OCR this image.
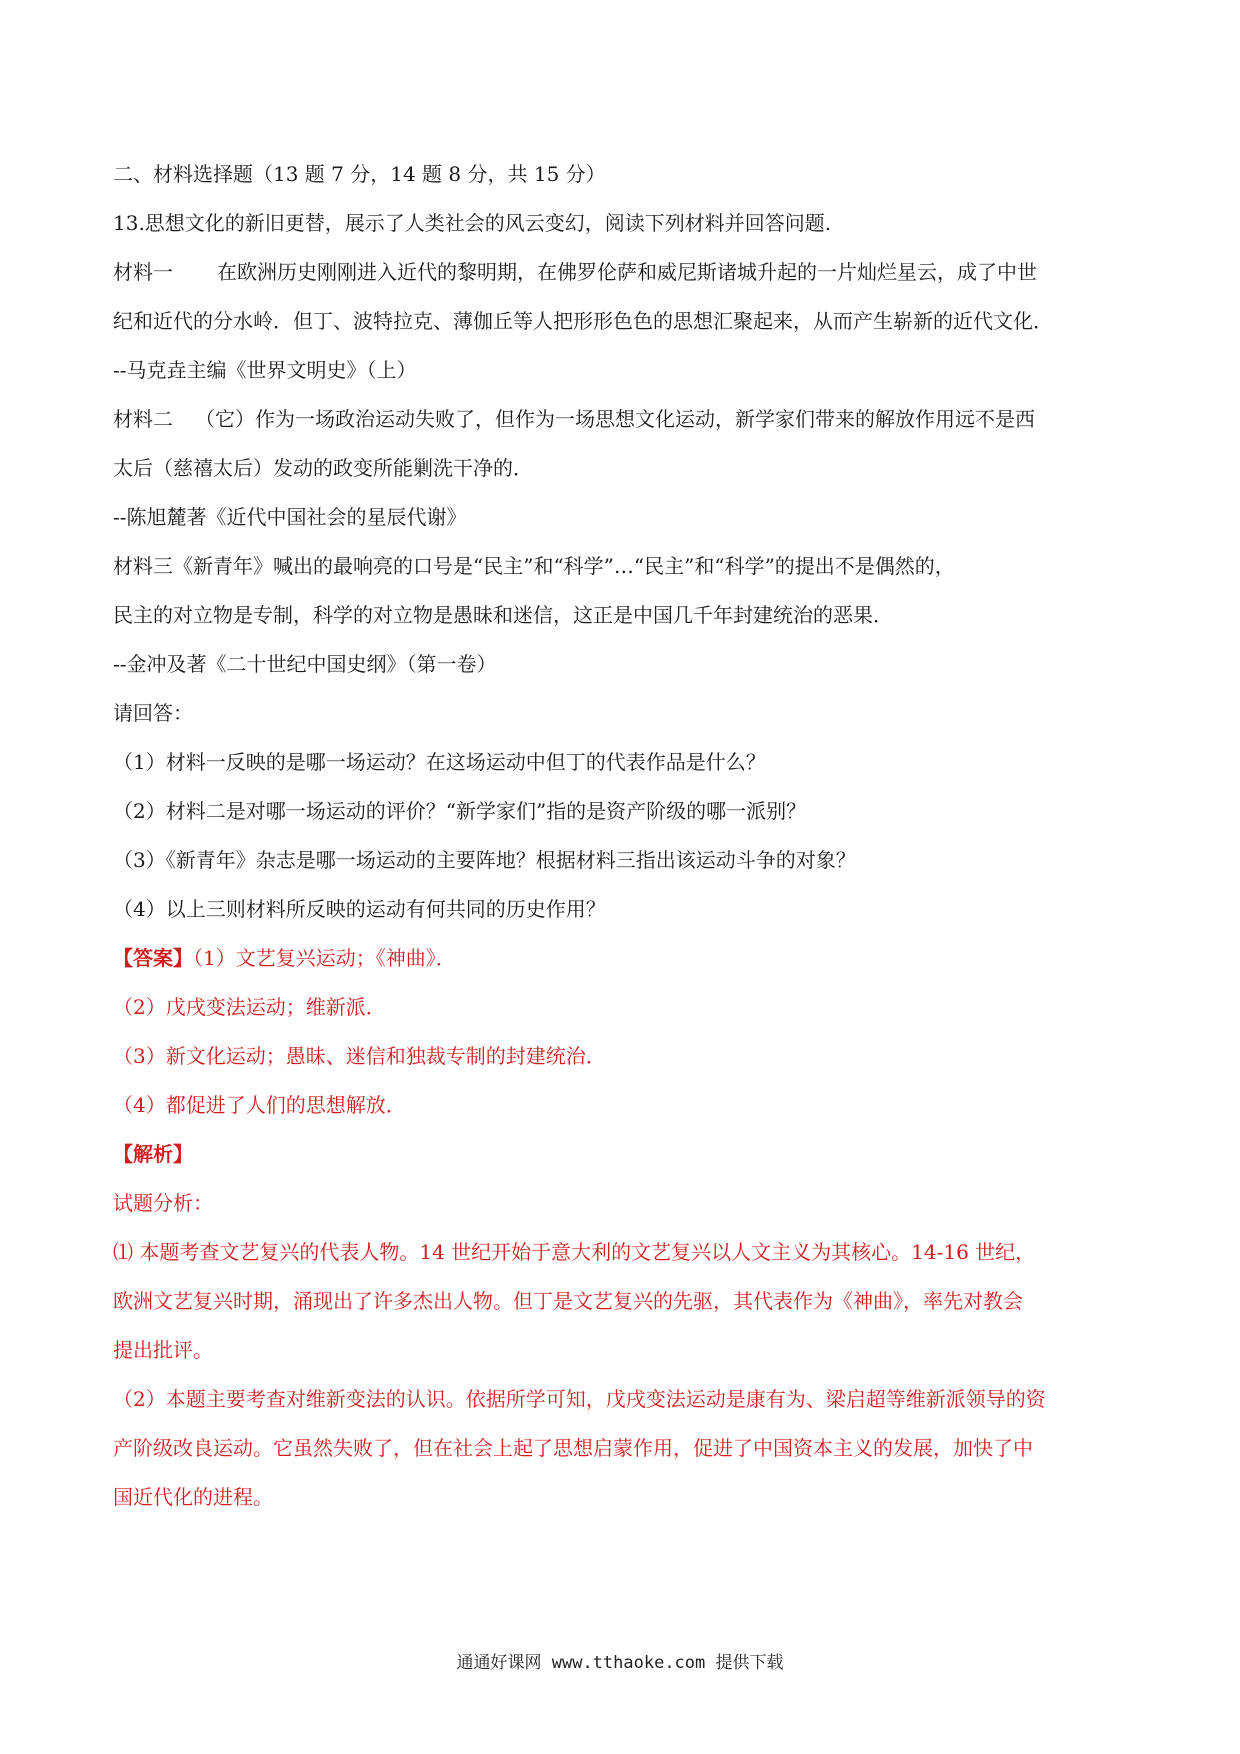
二、材料选择题（13 题 7 分，14 题 8 分，共 15 分）

13.思想文化的新旧更替，展示了人类社会的风云变幻，阅读下列材料并回答问题.

材料一 在欧洲历史刚刚进入近代的黎明期，在佛罗伦萨和威尼斯诸城升起的一片灿烂星云，成了中世

纪和近代的分水岭．但丁、波特拉克、薄伽丘等人把形形色色的思想汇聚起来，从而产生崭新的近代文化．

--马克垚主编《世界文明史》（上）

材料二 （它）作为一场政治运动失败了，但作为一场思想文化运动，新学家们带来的解放作用远不是西

太后（慈禧太后）发动的政变所能剿洗干净的．

--陈旭麓著《近代中国社会的星辰代谢》

材料三《新青年》喊出的最响亮的口号是“民主”和“科学”…“民主”和“科学”的提出不是偶然的，

民主的对立物是专制，科学的对立物是愚昧和迷信，这正是中国几千年封建统治的恶果．

--金冲及著《二十世纪中国史纲》（第一卷）

请回答：

（1）材料一反映的是哪一场运动？在这场运动中但丁的代表作品是什么？

（2）材料二是对哪一场运动的评价？“新学家们”指的是资产阶级的哪一派别？

（3）《新青年》杂志是哪一场运动的主要阵地？根据材料三指出该运动斗争的对象？

（4）以上三则材料所反映的运动有何共同的历史作用？

【答案】（1）文艺复兴运动；《神曲》．

（2）戊戌变法运动；维新派．

（3）新文化运动；愚昧、迷信和独裁专制的封建统治．

（4）都促进了人们的思想解放．

【解析】

试题分析：

⑴ 本题考查文艺复兴的代表人物。14 世纪开始于意大利的文艺复兴以人文主义为其核心。14-16 世纪，

欧洲文艺复兴时期，涌现出了许多杰出人物。但丁是文艺复兴的先驱，其代表作为《神曲》，率先对教会

提出批评。

（2）本题主要考查对维新变法的认识。依据所学可知，戊戌变法运动是康有为、梁启超等维新派领导的资

产阶级改良运动。它虽然失败了，但在社会上起了思想启蒙作用，促进了中国资本主义的发展，加快了中

国近代化的进程。

通通好课网 www.tthaoke.com 提供下载
